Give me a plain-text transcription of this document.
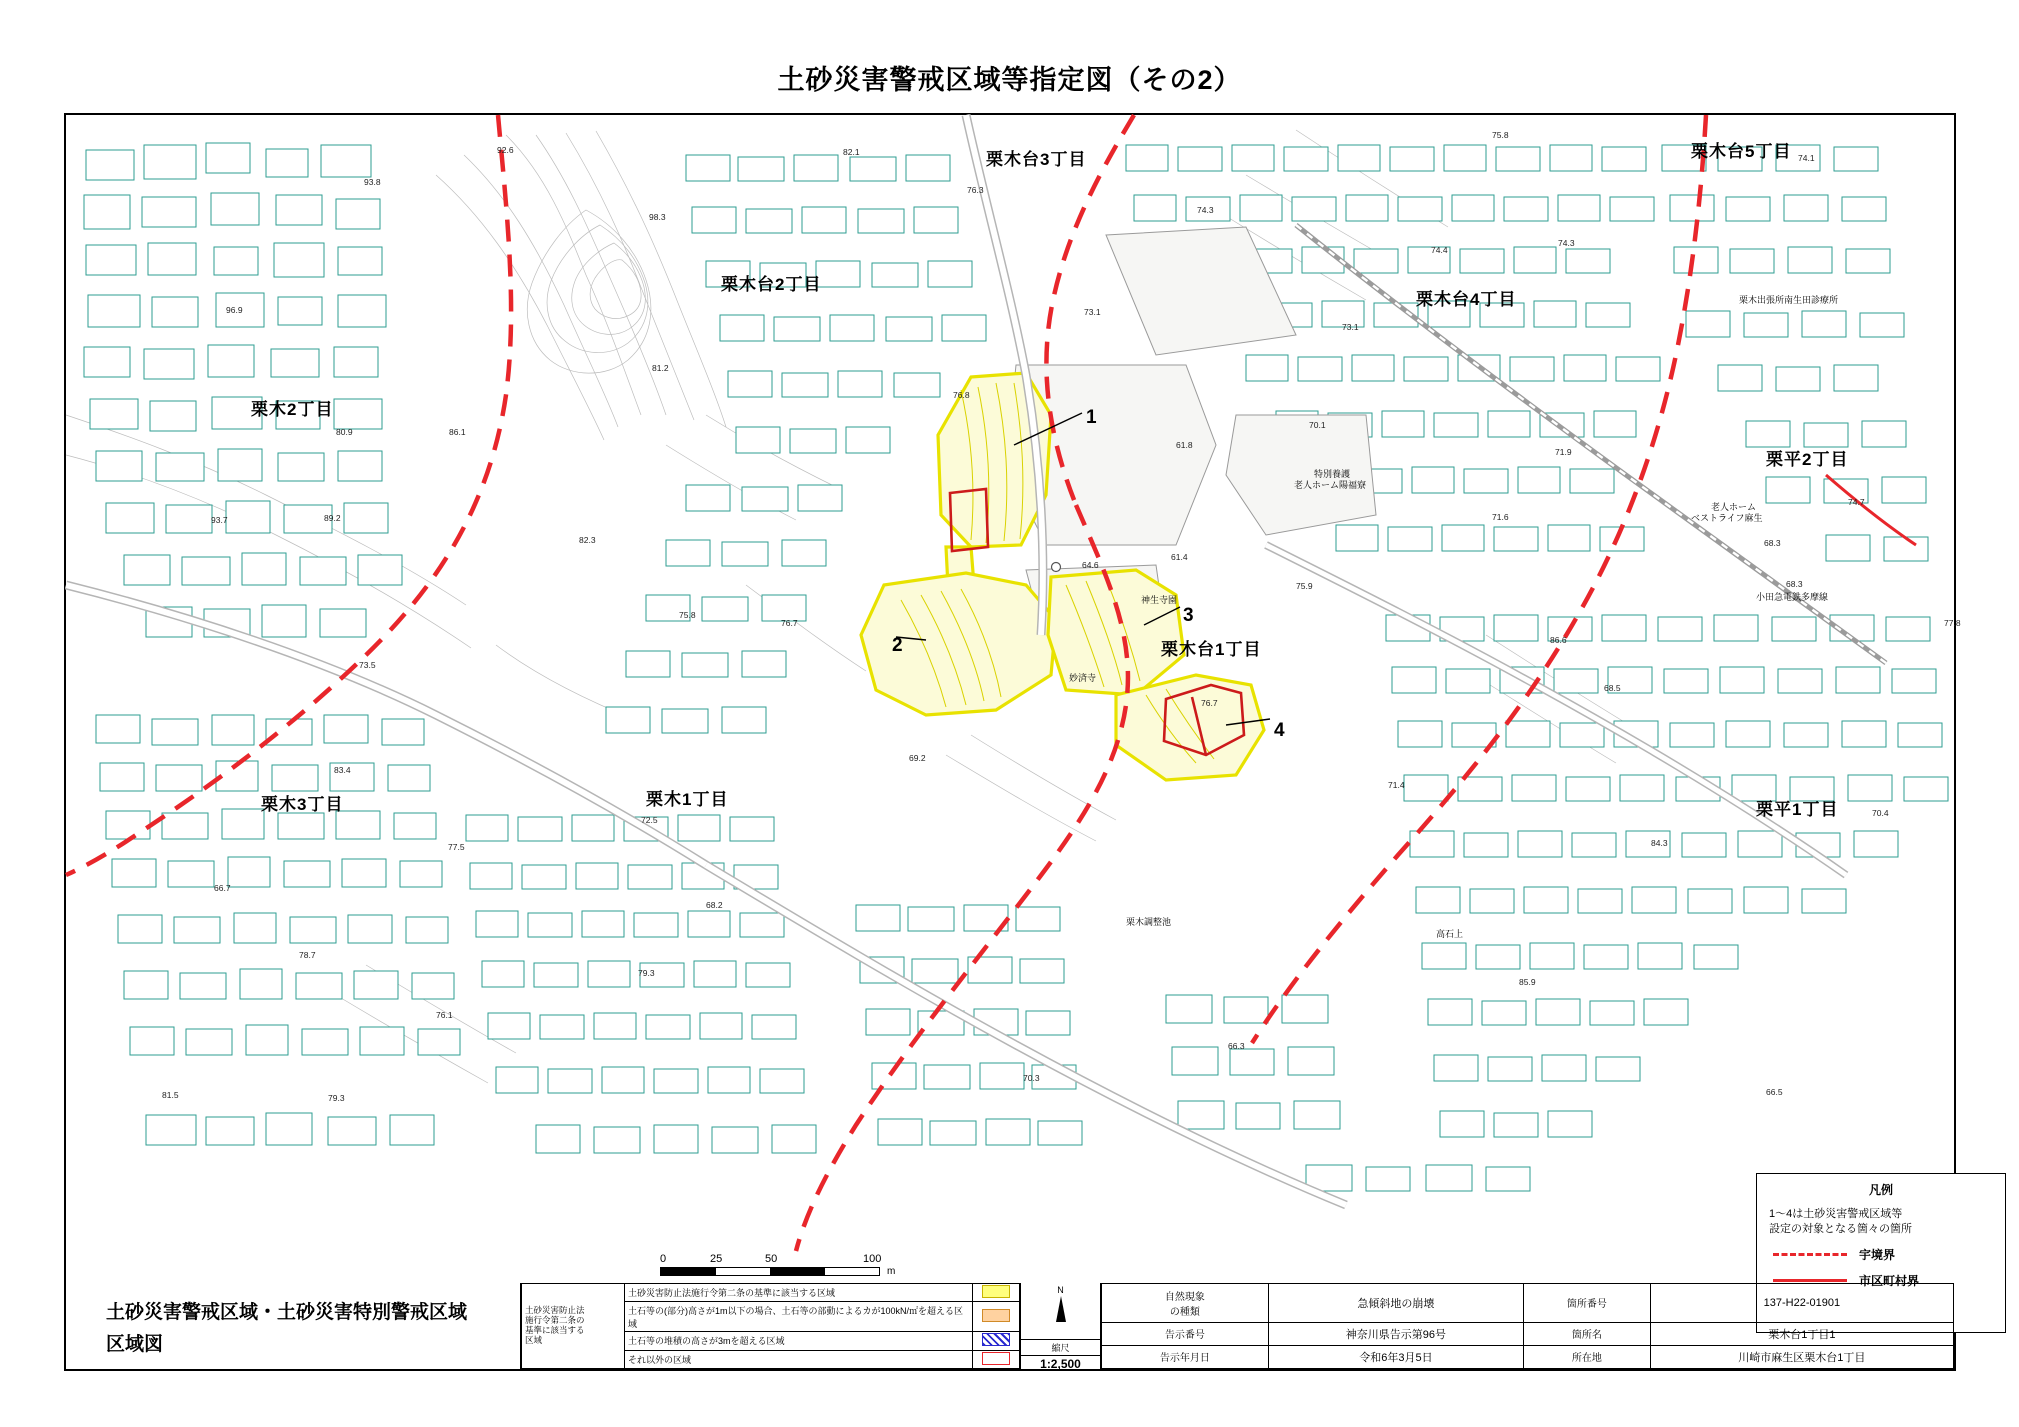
土砂災害警戒区域等指定図（その2）
栗木台3丁目	栗木台5丁目
栗木台2丁目
栗木台4丁目
栗木2丁目
栗平2丁目
栗木台1丁目
栗木1丁目
栗木3丁目	栗平1丁目
1
2
3
4
特別養護
老人ホーム陽福寮
老人ホーム
ベストライフ麻生
栗木出張所南生田診療所
小田急電鉄多摩線
神生寺園
妙済寺
栗木調整池
高石上
92.6
93.8
82.1
76.3
98.3
96.9
75.8
74.1
74.3
74.4
74.3
80.9	86.1
81.2
73.1
73.1
93.7	89.2
82.3
76.8
61.8
70.1
71.9
74.7
71.6
68.3
75.8
76.7
73.5
64.6
61.4
68.3
77.8
83.4
75.9
86.6
69.2
77.5
66.7
72.5
76.7
68.5
71.4
70.4
84.3
68.2
78.7
76.1
79.3
81.5	79.3
70.3
66.3
85.9
66.5
凡例
1～4は土砂災害警戒区域等
設定の対象となる箇々の箇所
宇境界
市区町村界
0	25	50	100
m
土砂災害警戒区域・土砂災害特別警戒区域
区域図
土砂災害防止法
施行令第二条の
基準に該当する
区域	土砂災害防止法施行令第二条の基準に該当する区域	
	土石等の(部分)高さが1m以下の場合、土石等の部動によるカが100kN/㎡を超える区域	
	土石等の堆積の高さが3mを超える区域	
	それ以外の区域	
N
縮尺
1:2,500
自然現象
の種類	急傾斜地の崩壊	箇所番号	137-H22-01901
告示番号	神奈川県告示第96号	箇所名	栗木台1丁目1
告示年月日	令和6年3月5日	所在地	川崎市麻生区栗木台1丁目
